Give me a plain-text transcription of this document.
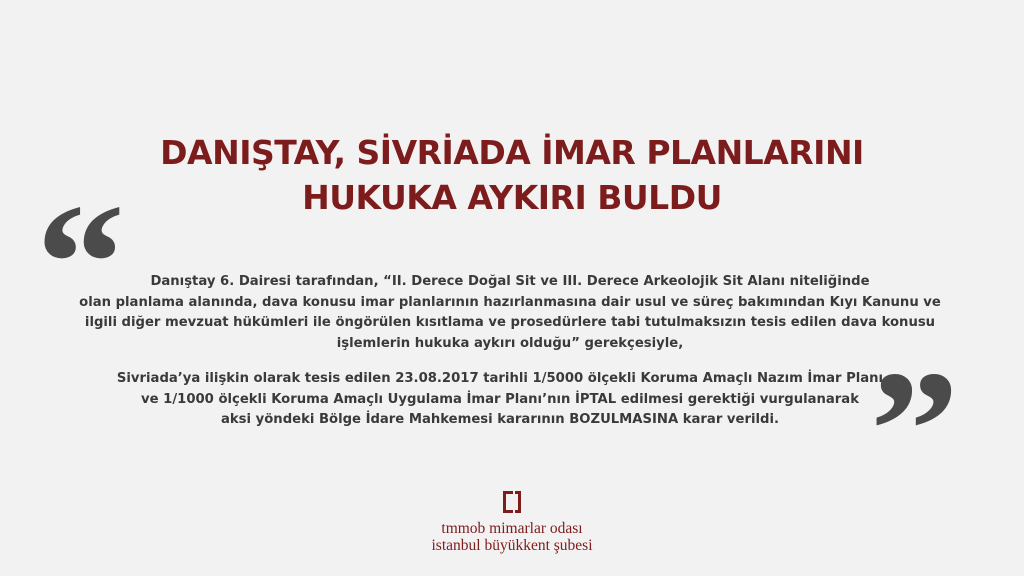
DANIŞTAY, SİVRİADA İMAR PLANLARINI
HUKUKA AYKIRI BULDU
“
”
Danıştay 6. Dairesi tarafından, “II. Derece Doğal Sit ve III. Derece Arkeolojik Sit Alanı niteliğinde
olan planlama alanında, dava konusu imar planlarının hazırlanmasına dair usul ve süreç bakımından Kıyı Kanunu ve
ilgili diğer mevzuat hükümleri ile öngörülen kısıtlama ve prosedürlere tabi tutulmaksızın tesis edilen dava konusu
işlemlerin hukuka aykırı olduğu” gerekçesiyle,
Sivriada’ya ilişkin olarak tesis edilen 23.08.2017 tarihli 1/5000 ölçekli Koruma Amaçlı Nazım İmar Planı
ve 1/1000 ölçekli Koruma Amaçlı Uygulama İmar Planı’nın İPTAL edilmesi gerektiği vurgulanarak
aksi yöndeki Bölge İdare Mahkemesi kararının BOZULMASINA karar verildi.
tmmob mimarlar odası
istanbul büyükkent şubesi
